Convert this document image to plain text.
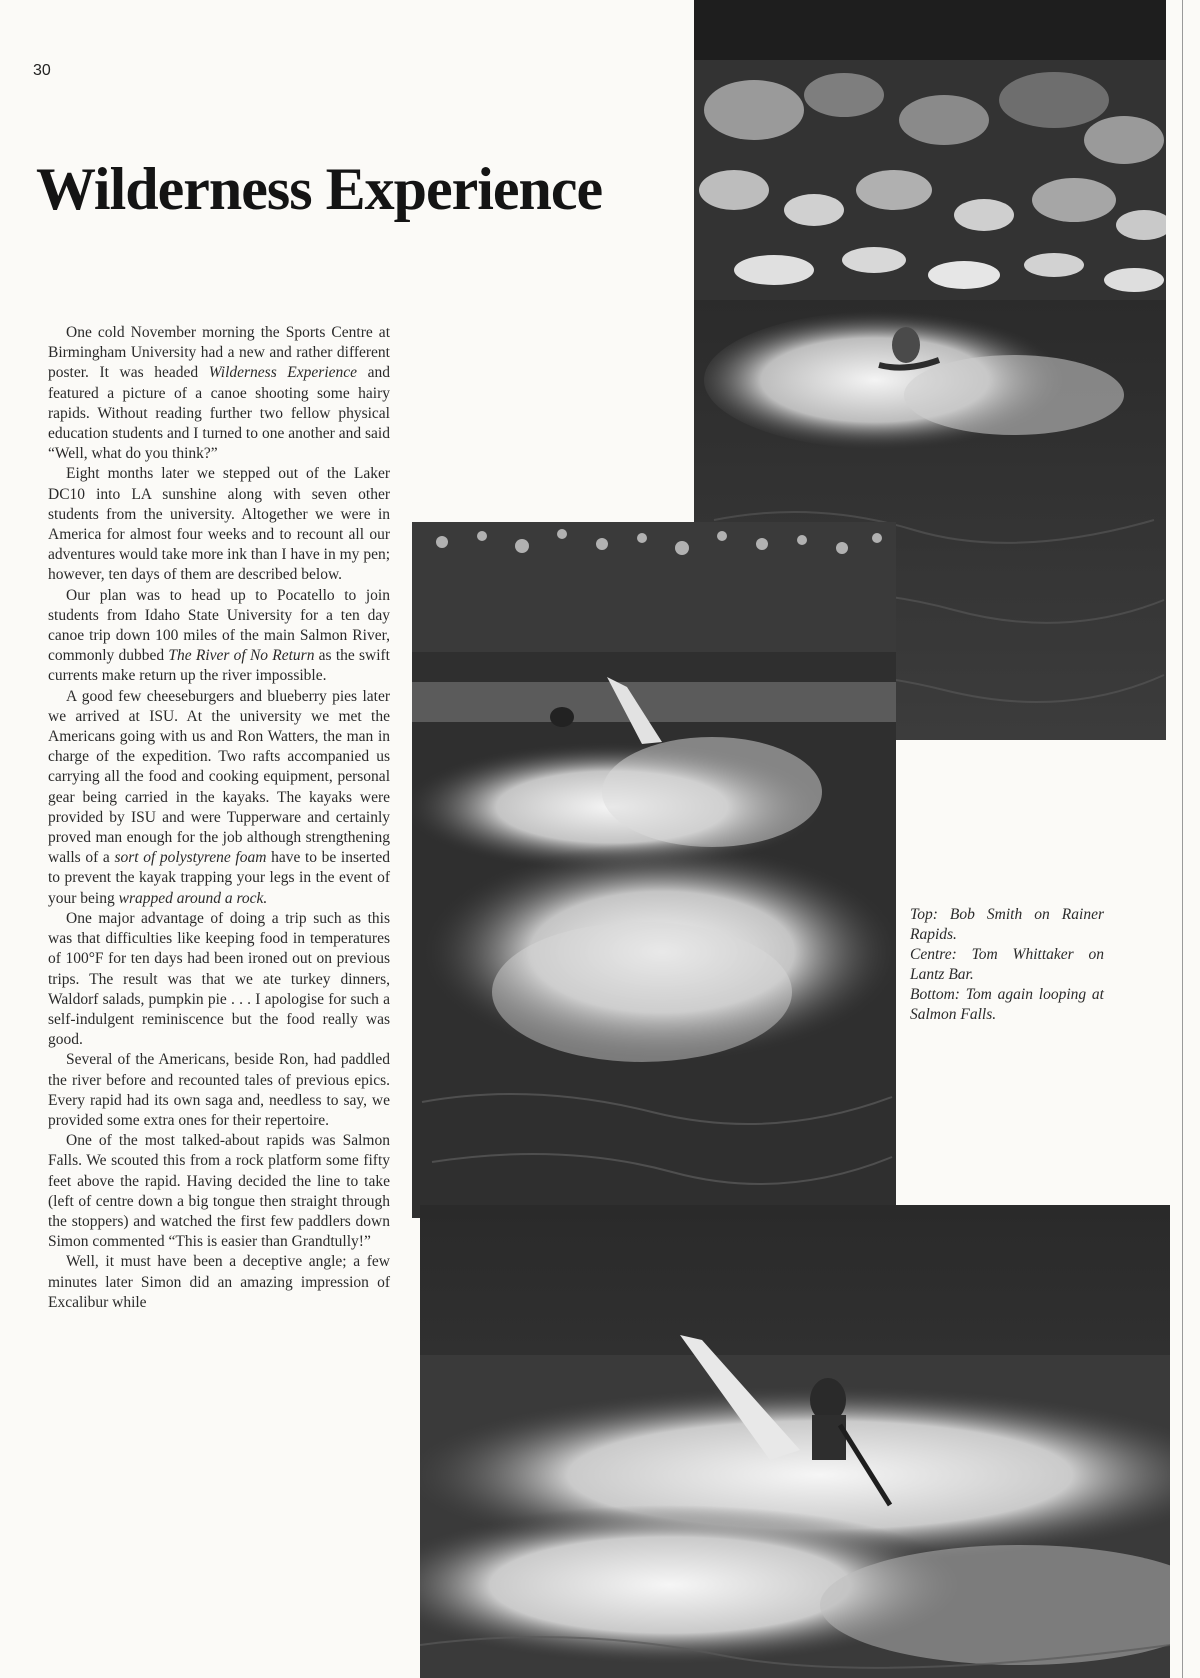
30
Wilderness Experience

One cold November morning the Sports Centre at Birmingham University had a new and rather different poster. It was headed Wilderness Experience and featured a picture of a canoe shooting some hairy rapids. Without reading further two fellow physical education students and I turned to one another and said “Well, what do you think?”

Eight months later we stepped out of the Laker DC10 into LA sunshine along with seven other students from the university. Altogether we were in America for almost four weeks and to recount all our adventures would take more ink than I have in my pen; however, ten days of them are described below.

Our plan was to head up to Pocatello to join students from Idaho State University for a ten day canoe trip down 100 miles of the main Salmon River, commonly dubbed The River of No Return as the swift currents make return up the river impossible.

A good few cheeseburgers and blueberry pies later we arrived at ISU. At the university we met the Americans going with us and Ron Watters, the man in charge of the expedition. Two rafts accompanied us carrying all the food and cooking equipment, personal gear being carried in the kayaks. The kayaks were provided by ISU and were Tupperware and certainly proved man enough for the job although strengthening walls of a sort of polystyrene foam have to be inserted to prevent the kayak trapping your legs in the event of your being wrapped around a rock.

One major advantage of doing a trip such as this was that difficulties like keeping food in temperatures of 100°F for ten days had been ironed out on previous trips. The result was that we ate turkey dinners, Waldorf salads, pumpkin pie . . . I apologise for such a self-indulgent reminiscence but the food really was good.

Several of the Americans, beside Ron, had paddled the river before and recounted tales of previous epics. Every rapid had its own saga and, needless to say, we provided some extra ones for their repertoire.

One of the most talked-about rapids was Salmon Falls. We scouted this from a rock platform some fifty feet above the rapid. Having decided the line to take (left of centre down a big tongue then straight through the stoppers) and watched the first few paddlers down Simon commented “This is easier than Grandtully!”

Well, it must have been a deceptive angle; a few minutes later Simon did an amazing impression of Excalibur while

Top: Bob Smith on Rainer Rapids.
Centre: Tom Whittaker on Lantz Bar.
Bottom: Tom again looping at Salmon Falls.
